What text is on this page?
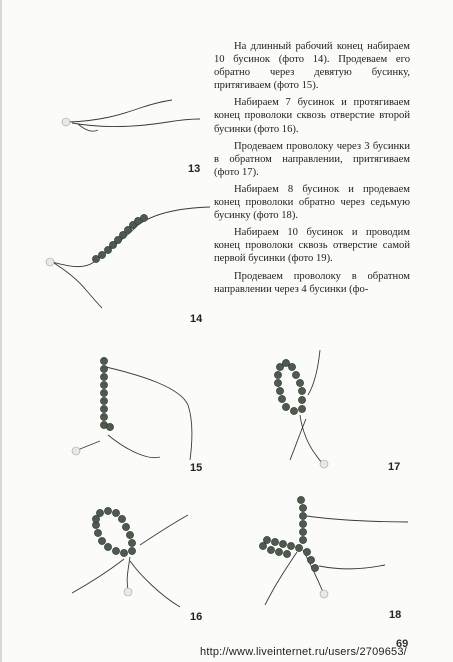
На длинный рабочий конец набираем 10 бусинок (фото 14). Продеваем его обратно через девятую бусинку, притягиваем (фото 15).

Набираем 7 бусинок и протягиваем конец проволоки сквозь отверстие второй бусинки (фото 16).

Продеваем проволоку через 3 бусинки в обратном направлении, притягиваем (фото 17).

Набираем 8 бусинок и продеваем конец проволоки обратно через седьмую бусинку (фото 18).

Набираем 10 бусинок и проводим конец проволоки сквозь отверстие самой первой бусинки (фото 19).

Продеваем проволоку в обратном направлении через 4 бусинки (фо-

13
14
15	17
16	18
69
http://www.liveinternet.ru/users/2709653/
